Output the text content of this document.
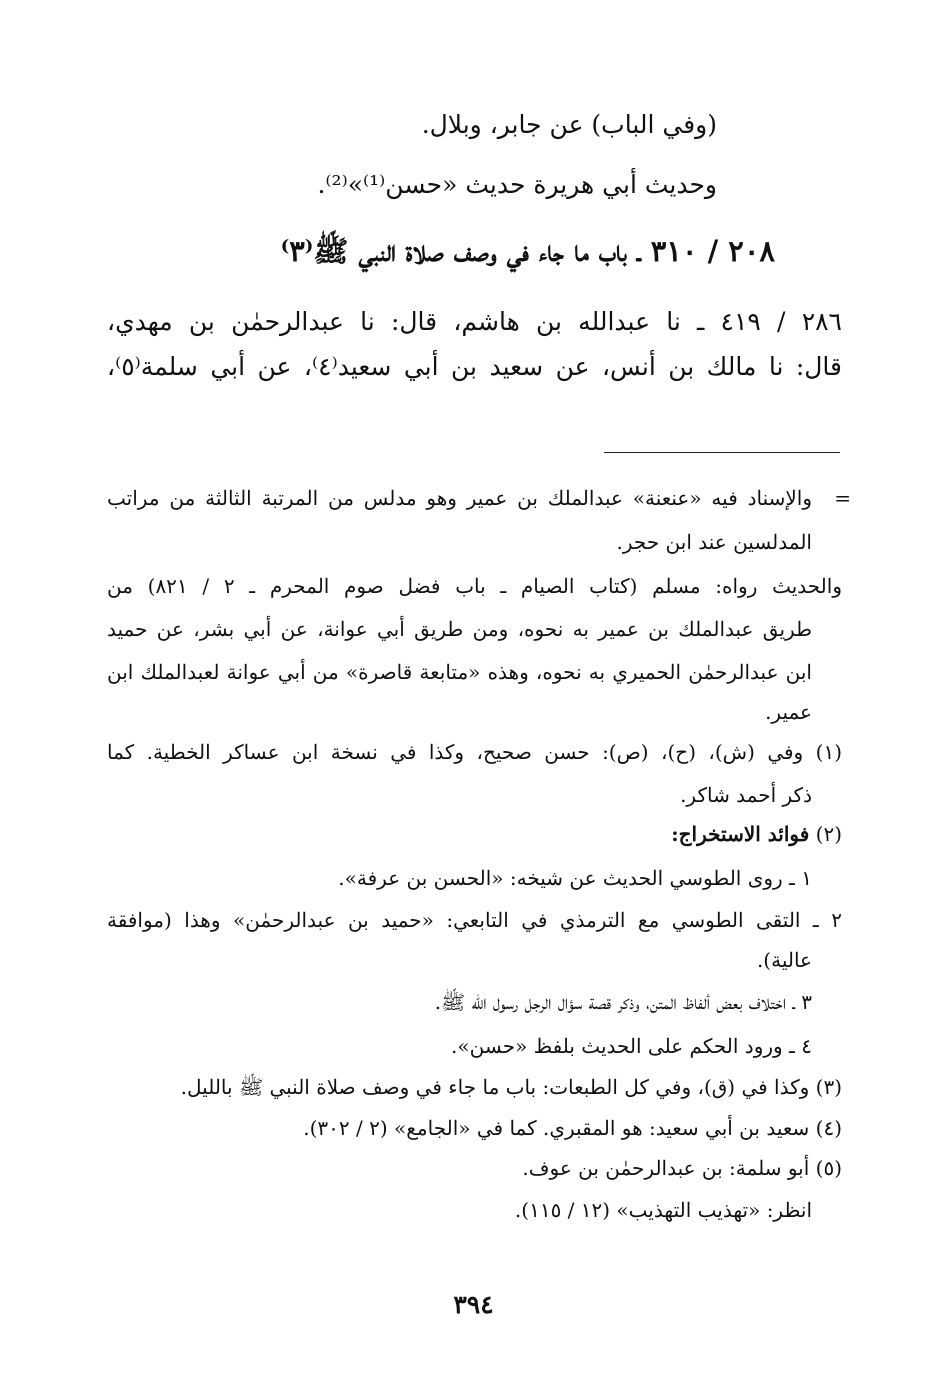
(وفي الباب) عن جابر، وبلال.
وحديث أبي هريرة حديث «حسن⁽¹⁾»⁽²⁾.
٢٠٨ / ٣١٠ ـ باب ما جاء في وصف صلاة النبي ﷺ⁽٣⁾
٢٨٦ / ٤١٩ ـ نا عبدالله بن هاشم، قال: نا عبدالرحمٰن بن مهدي،
قال: نا مالك بن أنس، عن سعيد بن أبي سعيد⁽٤⁾، عن أبي سلمة⁽٥⁾،
=
والإسناد فيه «عنعنة» عبدالملك بن عمير وهو مدلس من المرتبة الثالثة من مراتب
المدلسين عند ابن حجر.
والحديث رواه: مسلم (كتاب الصيام ـ باب فضل صوم المحرم ـ ٢ / ٨٢١) من
طريق عبدالملك بن عمير به نحوه، ومن طريق أبي عوانة، عن أبي بشر، عن حميد
ابن عبدالرحمٰن الحميري به نحوه، وهذه «متابعة قاصرة» من أبي عوانة لعبدالملك ابن
عمير.
(١) وفي (ش)، (ح)، (ص): حسن صحيح، وكذا في نسخة ابن عساكر الخطية. كما
ذكر أحمد شاكر.
(٢) فوائد الاستخراج:
١ ـ روى الطوسي الحديث عن شيخه: «الحسن بن عرفة».
٢ ـ التقى الطوسي مع الترمذي في التابعي: «حميد بن عبدالرحمٰن» وهذا (موافقة
عالية).
٣ ـ اختلاف بعض ألفاظ المتن، وذكر قصة سؤال الرجل رسول الله ﷺ.
٤ ـ ورود الحكم على الحديث بلفظ «حسن».
(٣) وكذا في (ق)، وفي كل الطبعات: باب ما جاء في وصف صلاة النبي ﷺ بالليل.
(٤) سعيد بن أبي سعيد: هو المقبري. كما في «الجامع» (٢ / ٣٠٢).
(٥) أبو سلمة: بن عبدالرحمٰن بن عوف.
انظر: «تهذيب التهذيب» (١٢ / ١١٥).
٣٩٤
